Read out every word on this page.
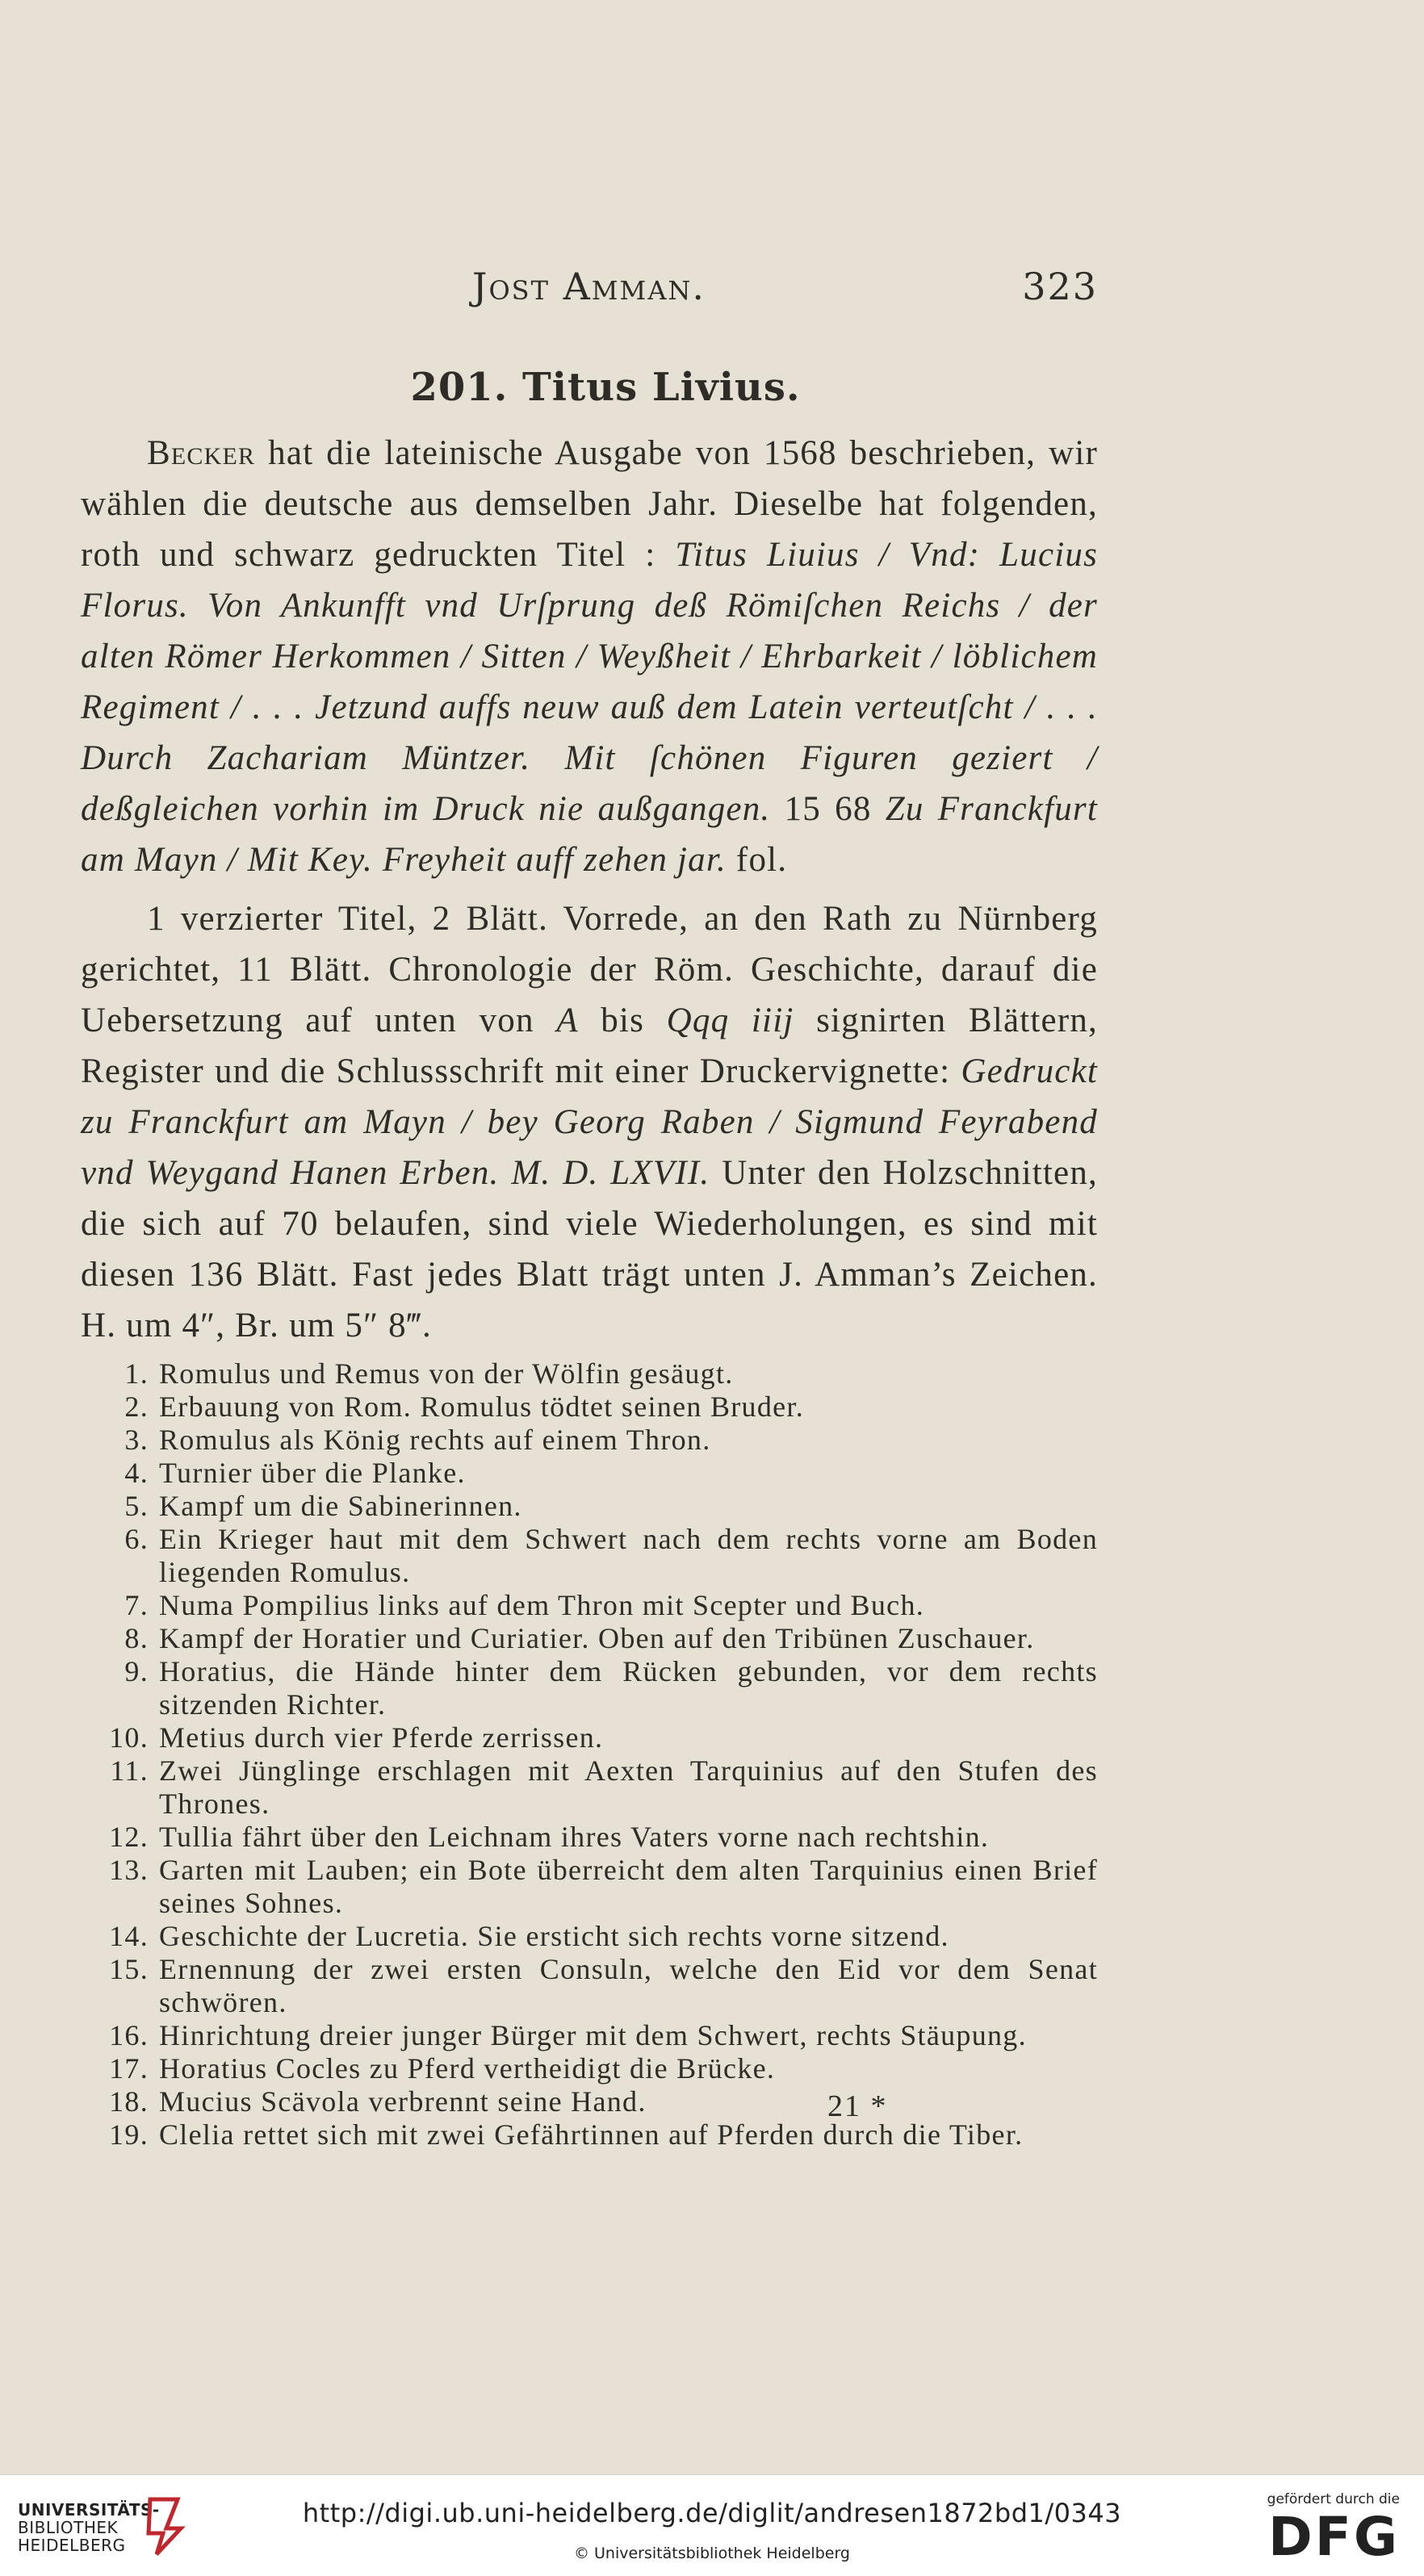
Jost Amman.	323
201. Titus Livius.

Becker hat die lateinische Ausgabe von 1568 beschrieben, wir wählen die deutsche aus demselben Jahr. Dieselbe hat folgenden, roth und schwarz gedruckten Titel : Titus Liuius / Vnd: Lucius Florus. Von Ankunfft vnd Urſprung deß Römiſchen Reichs / der alten Römer Herkommen / Sitten / Weyßheit / Ehrbarkeit / löblichem Regiment / . . . Jetzund auffs neuw auß dem Latein verteutſcht / . . . Durch Zachariam Müntzer. Mit ſchönen Figuren geziert / deßgleichen vorhin im Druck nie außgangen. 15 68 Zu Franckfurt am Mayn / Mit Key. Freyheit auff zehen jar. fol.

1 verzierter Titel, 2 Blätt. Vorrede, an den Rath zu Nürnberg gerichtet, 11 Blätt. Chronologie der Röm. Geschichte, darauf die Uebersetzung auf unten von A bis Qqq iiij signirten Blättern, Register und die Schlussschrift mit einer Druckervignette: Gedruckt zu Franckfurt am Mayn / bey Georg Raben / Sigmund Feyrabend vnd Weygand Hanen Erben. M. D. LXVII. Unter den Holzschnitten, die sich auf 70 belaufen, sind viele Wiederholungen, es sind mit diesen 136 Blätt. Fast jedes Blatt trägt unten J. Amman’s Zeichen. H. um 4″, Br. um 5″ 8‴.

1. Romulus und Remus von der Wölfin gesäugt.
2. Erbauung von Rom. Romulus tödtet seinen Bruder.
3. Romulus als König rechts auf einem Thron.
4. Turnier über die Planke.
5. Kampf um die Sabinerinnen.
6. Ein Krieger haut mit dem Schwert nach dem rechts vorne am Boden liegenden Romulus.
7. Numa Pompilius links auf dem Thron mit Scepter und Buch.
8. Kampf der Horatier und Curiatier. Oben auf den Tribünen Zuschauer.
9. Horatius, die Hände hinter dem Rücken gebunden, vor dem rechts sitzenden Richter.
10. Metius durch vier Pferde zerrissen.
11. Zwei Jünglinge erschlagen mit Aexten Tarquinius auf den Stufen des Thrones.
12. Tullia fährt über den Leichnam ihres Vaters vorne nach rechtshin.
13. Garten mit Lauben; ein Bote überreicht dem alten Tarquinius einen Brief seines Sohnes.
14. Geschichte der Lucretia. Sie ersticht sich rechts vorne sitzend.
15. Ernennung der zwei ersten Consuln, welche den Eid vor dem Senat schwören.
16. Hinrichtung dreier junger Bürger mit dem Schwert, rechts Stäupung.
17. Horatius Cocles zu Pferd vertheidigt die Brücke.
18. Mucius Scävola verbrennt seine Hand.
19. Clelia rettet sich mit zwei Gefährtinnen auf Pferden durch die Tiber.
21 *
UNIVERSITÄTS-
BIBLIOTHEK
HEIDELBERG
http://digi.ub.uni-heidelberg.de/diglit/andresen1872bd1/0343
© Universitätsbibliothek Heidelberg
gefördert durch die
DFG
